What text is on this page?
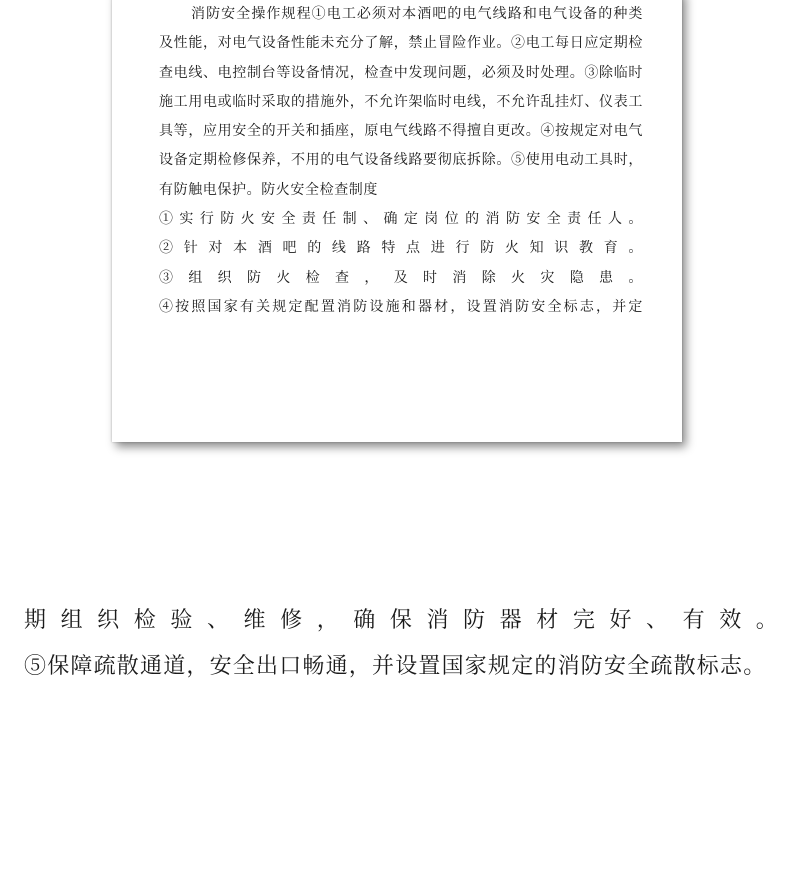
消防安全操作规程①电工必须对本酒吧的电气线路和电气设备的种类及性能，对电气设备性能未充分了解，禁止冒险作业。②电工每日应定期检查电线、电控制台等设备情况，检查中发现问题，必须及时处理。③除临时施工用电或临时采取的措施外，不允许架临时电线，不允许乱挂灯、仪表工具等，应用安全的开关和插座，原电气线路不得擅自更改。④按规定对电气设备定期检修保养，不用的电气设备线路要彻底拆除。⑤使用电动工具时，有防触电保护。防火安全检查制度

①实行防火安全责任制、确定岗位的消防安全责任人。

②针对本酒吧的线路特点进行防火知识教育。

③组织防火检查，及时消除火灾隐患。

④按照国家有关规定配置消防设施和器材，设置消防安全标志，并定

期组织检验、维修，确保消防器材完好、有效。

⑤保障疏散通道，安全出口畅通，并设置国家规定的消防安全疏散标志。
